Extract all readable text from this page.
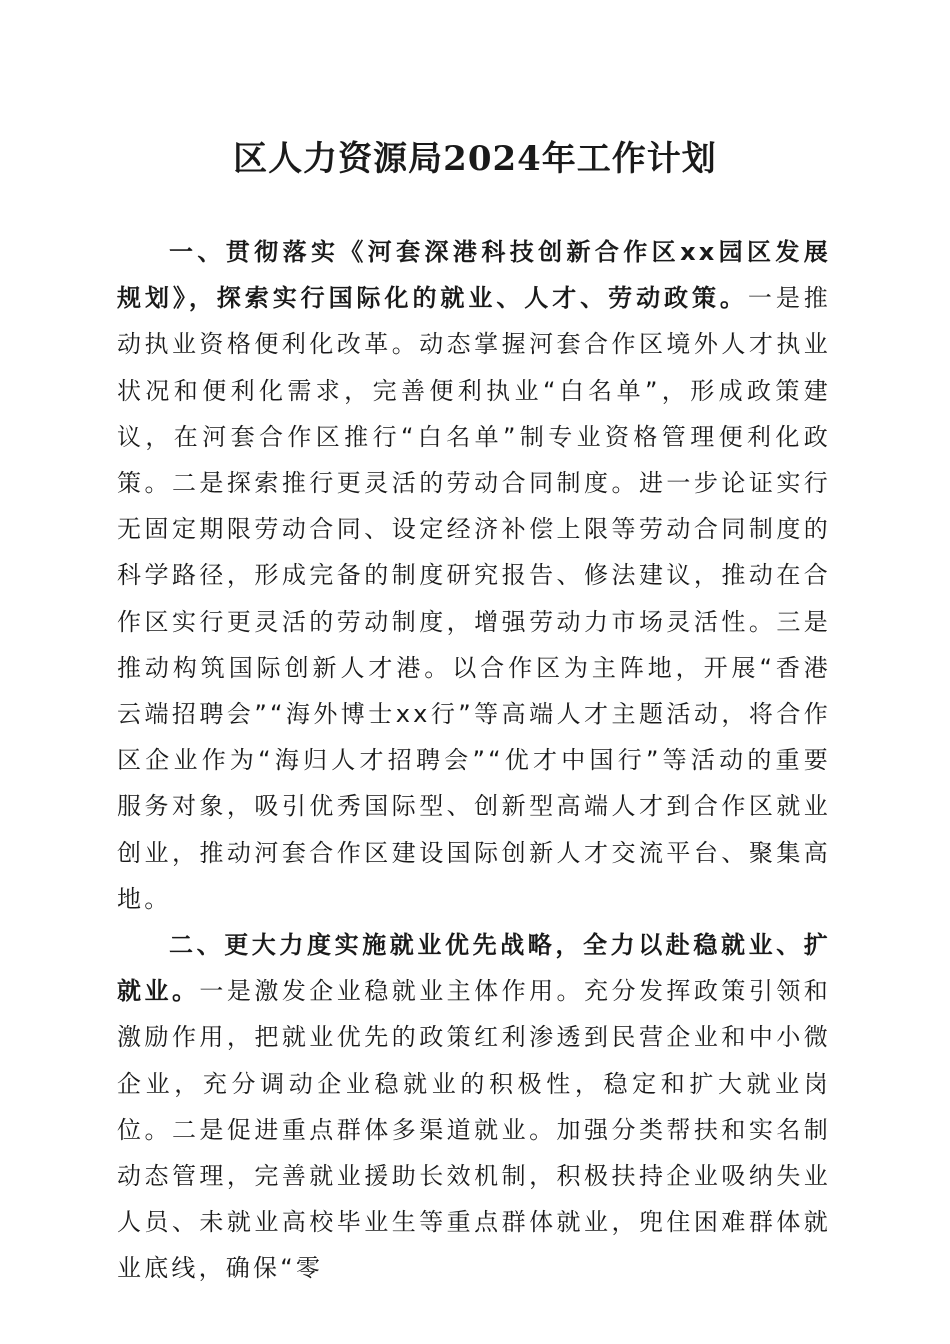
区人力资源局2024年工作计划

一、贯彻落实《河套深港科技创新合作区xx园区发展规划》，探索实行国际化的就业、人才、劳动政策。一是推动执业资格便利化改革。动态掌握河套合作区境外人才执业状况和便利化需求，完善便利执业“白名单”，形成政策建议，在河套合作区推行“白名单”制专业资格管理便利化政策。二是探索推行更灵活的劳动合同制度。进一步论证实行无固定期限劳动合同、设定经济补偿上限等劳动合同制度的科学路径，形成完备的制度研究报告、修法建议，推动在合作区实行更灵活的劳动制度，增强劳动力市场灵活性。三是推动构筑国际创新人才港。以合作区为主阵地，开展“香港云端招聘会”“海外博士xx行”等高端人才主题活动，将合作区企业作为“海归人才招聘会”“优才中国行”等活动的重要服务对象，吸引优秀国际型、创新型高端人才到合作区就业创业，推动河套合作区建设国际创新人才交流平台、聚集高地。

二、更大力度实施就业优先战略，全力以赴稳就业、扩就业。一是激发企业稳就业主体作用。充分发挥政策引领和激励作用，把就业优先的政策红利渗透到民营企业和中小微企业，充分调动企业稳就业的积极性，稳定和扩大就业岗位。二是促进重点群体多渠道就业。加强分类帮扶和实名制动态管理，完善就业援助长效机制，积极扶持企业吸纳失业人员、未就业高校毕业生等重点群体就业，兜住困难群体就业底线，确保“零
